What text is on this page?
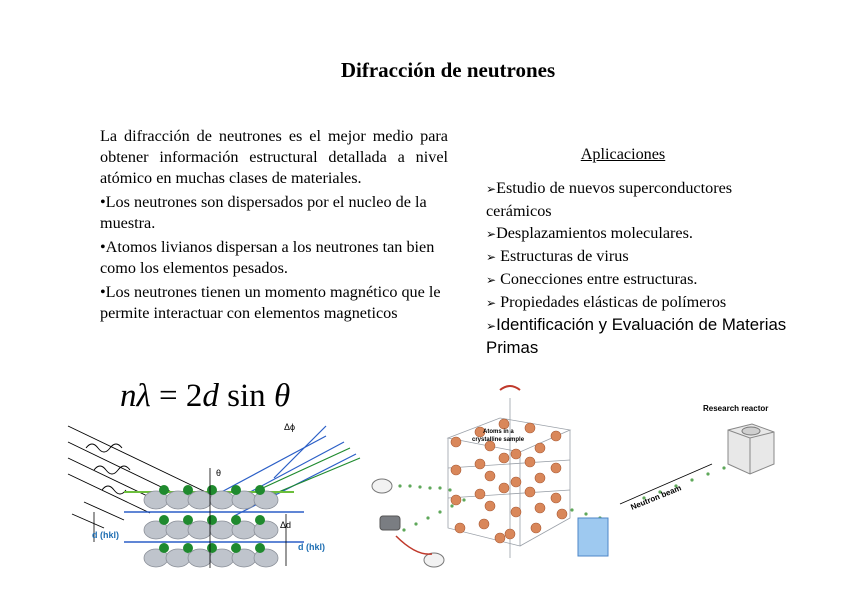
Difracción de neutrones

La difracción de neutrones es el mejor medio para obtener información estructural detallada a nivel atómico en muchas clases de materiales.

•Los neutrones son dispersados por el nucleo de la muestra.

•Atomos livianos dispersan a los neutrones tan bien como los elementos pesados.

•Los neutrones tienen un momento magnético que le permite interactuar con elementos magneticos

Aplicaciones
➢Estudio de nuevos superconductores cerámicos
➢Desplazamientos moleculares.
➢ Estructuras de virus
➢ Conecciones entre estructuras.
➢ Propiedades elásticas de polímeros
➢Identificación y Evaluación de Materias Primas
nλ = 2d sin θ
θ
Δϕ
Δd
d (hkl)
d (hkl)
Atoms in a
crystalline sample
Neutron beam
Research reactor
